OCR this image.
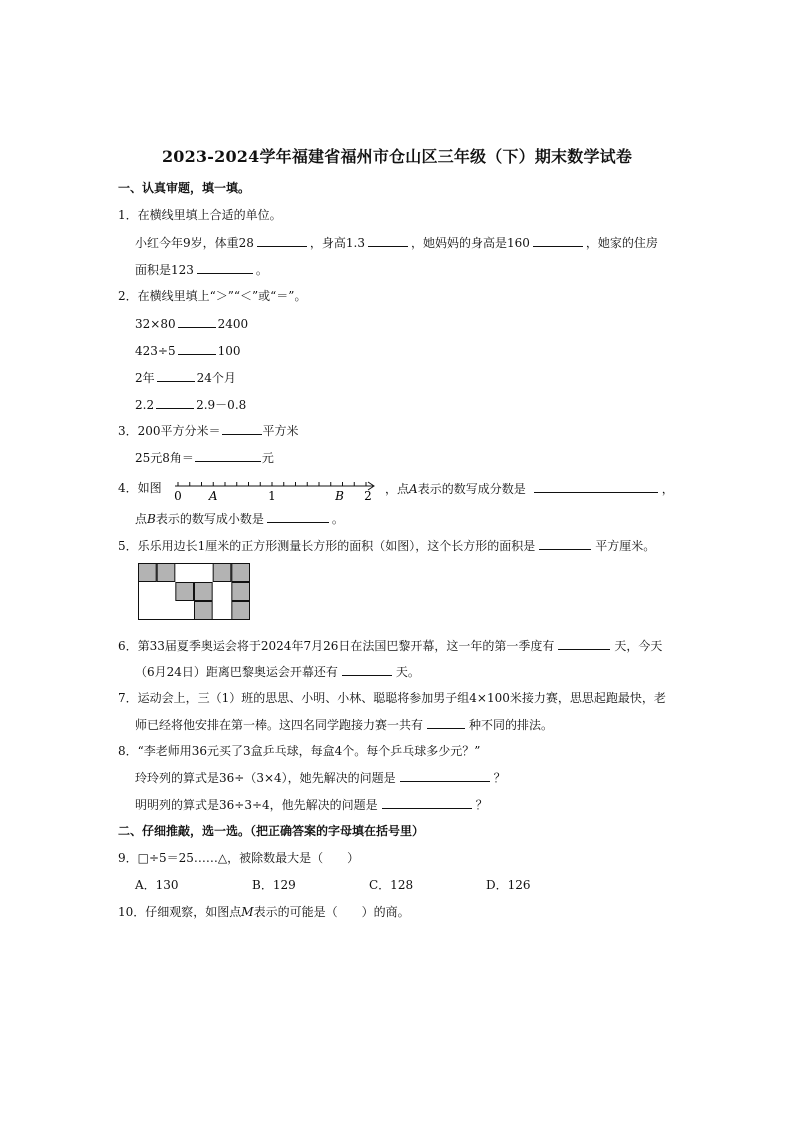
2023-2024学年福建省福州市仓山区三年级（下）期末数学试卷
一、认真审题，填一填。
1．在横线里填上合适的单位。
小红今年9岁，体重28	，身高1.3	，她妈妈的身高是160	，她家的住房
面积是123	。
2．在横线里填上“＞”“＜”或“＝”。
32×80	2400
423÷5	100
2年	24个月
2.2	2.9－0.8
3．200平方分米＝	平方米
25元8角＝	元
4．如图
0	1	2
A	B	，点A表示的数写成分数是	，
点B表示的数写成小数是	。
5．乐乐用边长1厘米的正方形测量长方形的面积（如图），这个长方形的面积是	平方厘米。
6．第33届夏季奥运会将于2024年7月26日在法国巴黎开幕，这一年的第一季度有	天，今天
（6月24日）距离巴黎奥运会开幕还有	天。
7．运动会上，三（1）班的思思、小明、小林、聪聪将参加男子组4×100米接力赛，思思起跑最快，老
师已经将他安排在第一棒。这四名同学跑接力赛一共有	种不同的排法。
8．“李老师用36元买了3盒乒乓球，每盒4个。每个乒乓球多少元？”
玲玲列的算式是36÷（3×4），她先解决的问题是	？
明明列的算式是36÷3÷4，他先解决的问题是	？
二、仔细推敲，选一选。（把正确答案的字母填在括号里）
9．□÷5＝25……△，被除数最大是（　　）
A．130	B．129	C．128	D．126
10．仔细观察，如图点M表示的可能是（　　）的商。
